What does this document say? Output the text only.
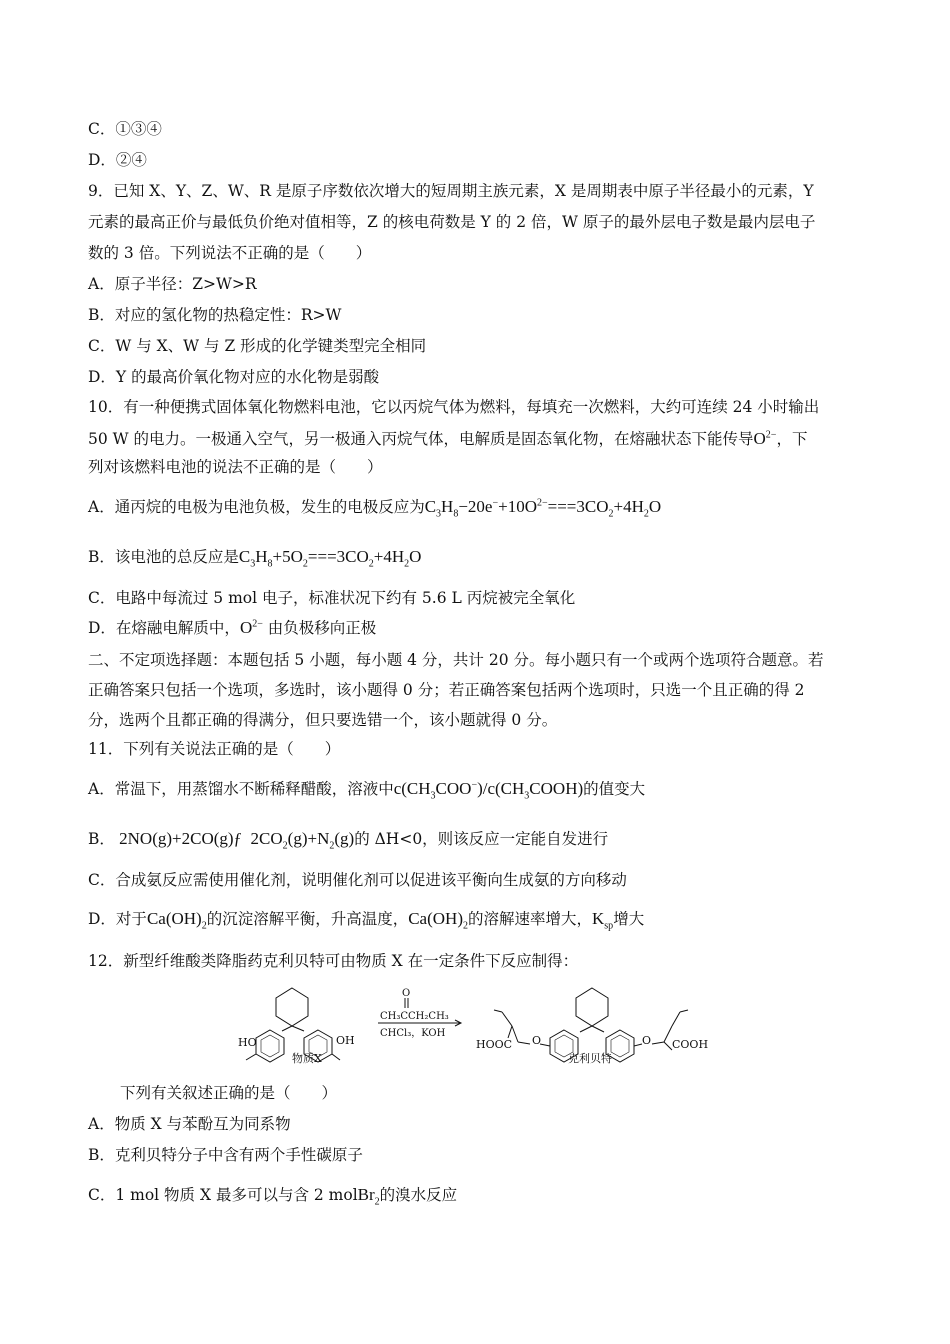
C．①③④
D．②④
9．已知 X、Y、Z、W、R 是原子序数依次增大的短周期主族元素，X 是周期表中原子半径最小的元素，Y
元素的最高正价与最低负价绝对值相等，Z 的核电荷数是 Y 的 2 倍，W 原子的最外层电子数是最内层电子
数的 3 倍。下列说法不正确的是（　　）
A．原子半径：Z>W>R
B．对应的氢化物的热稳定性：R>W
C．W 与 X、W 与 Z 形成的化学键类型完全相同
D．Y 的最高价氧化物对应的水化物是弱酸
10．有一种便携式固体氧化物燃料电池，它以丙烷气体为燃料，每填充一次燃料，大约可连续 24 小时输出
50 W 的电力。一极通入空气，另一极通入丙烷气体，电解质是固态氧化物，在熔融状态下能传导$O^{2-}$，下
列对该燃料电池的说法不正确的是（　　）
A．通丙烷的电极为电池负极，发生的电极反应为$C_3H_8-20e^-+10O^{2-}===3CO_2+4H_2O$
B．该电池的总反应是$C_3H_8+5O_2===3CO_2+4H_2O$
C．电路中每流过 5 mol 电子，标准状况下约有 5.6 L 丙烷被完全氧化
D．在熔融电解质中，$O^{2-}$ 由负极移向正极
二、不定项选择题：本题包括 5 小题，每小题 4 分，共计 20 分。每小题只有一个或两个选项符合题意。若
正确答案只包括一个选项，多选时，该小题得 0 分；若正确答案包括两个选项时，只选一个且正确的得 2
分，选两个且都正确的得满分，但只要选错一个，该小题就得 0 分。
11．下列有关说法正确的是（　　）
A．常温下，用蒸馏水不断稀释醋酸，溶液中$c(CH_3COO^-)/c(CH_3COOH)$的值变大
B． 2NO(g)+2CO(g)ƒ  $2CO_2(g)+N_2(g)$的 ΔH<0，则该反应一定能自发进行
C．合成氨反应需使用催化剂，说明催化剂可以促进该平衡向生成氨的方向移动
D．对于$Ca(OH)_2$的沉淀溶解平衡，升高温度，$Ca(OH)_2$的溶解速率增大，$K_{sp}$增大
12．新型纤维酸类降脂药克利贝特可由物质 X 在一定条件下反应制得：
HO	OH
物质X
O
CH₃CCH₂CH₃
CHCl₃，KOH
HOOC O	O COOH
克利贝特
下列有关叙述正确的是（　　）
A．物质 X 与苯酚互为同系物
B．克利贝特分子中含有两个手性碳原子
C．1 mol 物质 X 最多可以与含 2 molBr$_2$的溴水反应
